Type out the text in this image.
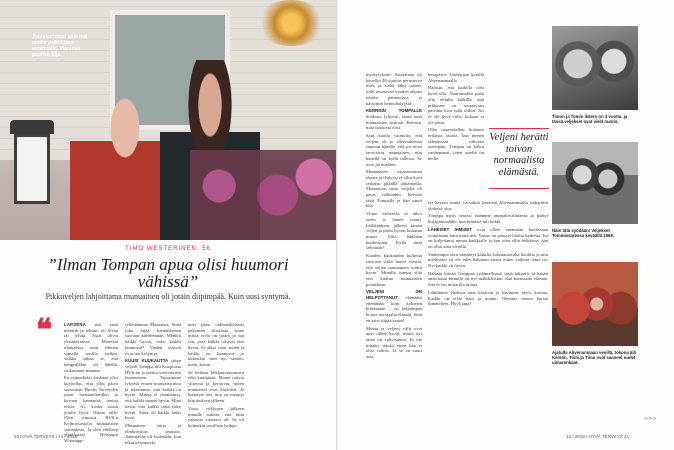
Joulukoristeet pääsivät omille paikoilleen verannalle. Vieressä puoliso Eija.
TIMO WESTERINEN, 56
”Ilman Tompan apua olisi huumori vähissä”
Pikkuveljen lahjoittama munuainen oli jotain diipimpää. Kuin uusi syntymä.
❝	LAPSENA sitä vaan mentiin ja tehtiin, oli kivaa tai tylsää. Asiat olivat yksinkertaisia. Monessa tilanteessa otan elämän samalla tavalla nytkin, vaikka onhan se, että hengenlähtö oli lähellä, vaikuttanut minuun.

En esimerkiksi koskaan olisi kuvitellut, että joku päivä suostuisin Hyvän Terveyden jutun haastateltavaksi ja kuvaan kannattaa tuntua toista. Ai, koska saisin jutulle hyvä. Oikein tälle. Olen tiimissä HUS:n Kolmiosastolla munuaisten sairaudesta. Ja olen edelleen yhteyksissä Helsingin Whatsapp-

ryhmäämme Muniaiset. Siinä joka äijää kannustetaan suoraan kävelemään. Menikö kaikki hyvin, onko kaikki kunnossa? Vanhat ystävät ovat sen kysymys.

KUUSI KUUKAUTTA sitten veljeni Tomppa tuli Kuopiosta HUS:iin ja asettui vieriviereen huoneeseen. Tapasimme lyhyesti ennen munuaissiirtoa ja totesimme, että kaikki on hyvin. Minua ei jännittänyt, että kaikki menee hyvin. Minä tiesin, että kaikki tästä tulee hyvin. Siinä oli kaikki hetki hyvä.

Munuaisen siirto ja elinluovutus onnistui. Jännittävää oli kuitenkin, kun lekurit hienoteki.

teeri pääsi todennäköisesti pakeneen tilastosta sinne missä vielä on jotain ja saa sen, jotta kaikki olisivat taas hyvin. Se alkoi vaan, miten ja kaikki on kunnossa jo kuitenkin niin nyt sanoin: meni, kotiin.

Se kolmas leikkausaamuinen eikä kuulutaan. Monet ottivat yhteyttä ja kertoivat, miten munuaiset ovat käytössä. Ja luettavat sen, niin on mennyt kirjoituksen jälkeen.

Vasta viikkojen jälkeen minulle aukeaa, että mitä vakavaa vaarassa oli. Se oli kuitenkin tavallaan helppo.

20 HYVÄ TERVEYS / 14 / 2018

myrkytyksiin. Sairaalaan oli kävellyt 48-vuotias perusterve mies ja sieltä lähti toinen, jolle seuraavan vuoden aikana tehtiin paranoituja ja katsottiin hemodialyysiä.

KERROIN TOMPALLE hoidosta lyhyesti, tämä asiat munuaisten siirtoon. Kerroin, mitä hoidosta olisi.

Sain kuulla vaimolta, että veljeni oli jo alkuvaiheessa sanonut hänelle, että jos minä tarvitsisin munuaisen, niin hänellä on kyllä tallessa. Se tieto jäi mieleen.

Munuaisten vajaatoiminta etenee ja dialyysi ei ollut hyvä ratkaisu pitkällä tähtäimellä. Munuaisen siirto veljeltä oli paras vaihtoehto. Kerroin tästä Tompalle ja hän sanoi heti.

Viime vaiheessa se alkoi eteen jo hänen tuonti. Leikkauksen jälkeen tunsin veljen ja parin hyvän kuluttua minut. Eikä hänkään huolestunut. Kyllä tästä selvitään?

Kuuden kuukauden kuluttua siirrosta sisko laittoi viestiä, että veljen munuainen toimii hyvin. Minulla tuntuu siltä että kuulun munuaisten porukkaan.

VELJENI ON HELPOTTANUT elämääni enemmän kuin kykenen kiittämään – on helpompaa hoitaa normaalia elämää. Siitä en saisi riittää sanaa!

Minua ja veljeni välit ovat aina olleet hyvät, mutta nyt tämä on vahvistunut. Ei ole mitään, minkä eteen hän ei olisi valmis. Ja se on suuri asia.

kesäpäivä. Uudestaan kesällä Ahvenanmaalla.

Halusin, että kaikilla olisi hyvä olla. Naurunsakin pitää olla reilulla kaikilla, että pikkasen on seuraavana päivänä kiva tulla töihin. Jos ei ole hyvä fiilis, kukaan ei ole jaksa.

Olen naureskellen hoitanut erilaisia asioita, kun menen elämässäni vahvasti eteenpäin. Tompan on kohtu vanhemmat, joten mieltä on heille.

Veljeni herätti toivon normaalista elämästä.

eri kaverit mutta varsinkin kesäisin Ahvenanmaalla tiuhaittiin yhdessä oloa.

Tomppa myös seurasi isäämme ammattivalintansa ja päätyi kirjapainoalalle, kun minusta tuli kokki.

LÄHEISET IHMISET ovat olleet enemmän huolissaan voinnistani kuin minä itse. Vaimo on päässyt huolta kaikesta. Isä on kuljettanut minua kaikkialle ja kun olen ollut heikkona, hän on ollut aina vierellä.

Vanhempia olen säästänyt kaikilta kohtuuttomilta huolilta ja niin mielestäni en ole edes halunnut sanoa miten vaikeaa tämä on. Nyt kaikki on hyvin.

Halusin kiittää Tomppaa sydämellisesti tästä lahjasta, ja hänen ansiostaan minulla on nyt mahdollisuus elää normaalia elämää. Sitä ei voi mittarilla mitata.

Lähdimme yhdessä aina kesäisin ja kävimme myös kotona. Kaikki on vielä näin ja muuta. Olemme monta kertaa ihmetelleet. Hyvä tapa!

Timon ja Tomin ikäero on 3 vuotta, ja tässä veljekset ovat vielä nuoria.
Näin tätä syödään! Veljekset Tommissaressa keväällä 1968.
Ajatulla Ahvenanmaan vesillä, tokona äiti Kerstin. Tomi ja Timo ovat saaneet uudet uimarenkaat.
>>>
14 / 2018 / HYVÄ TERVEYS 21
